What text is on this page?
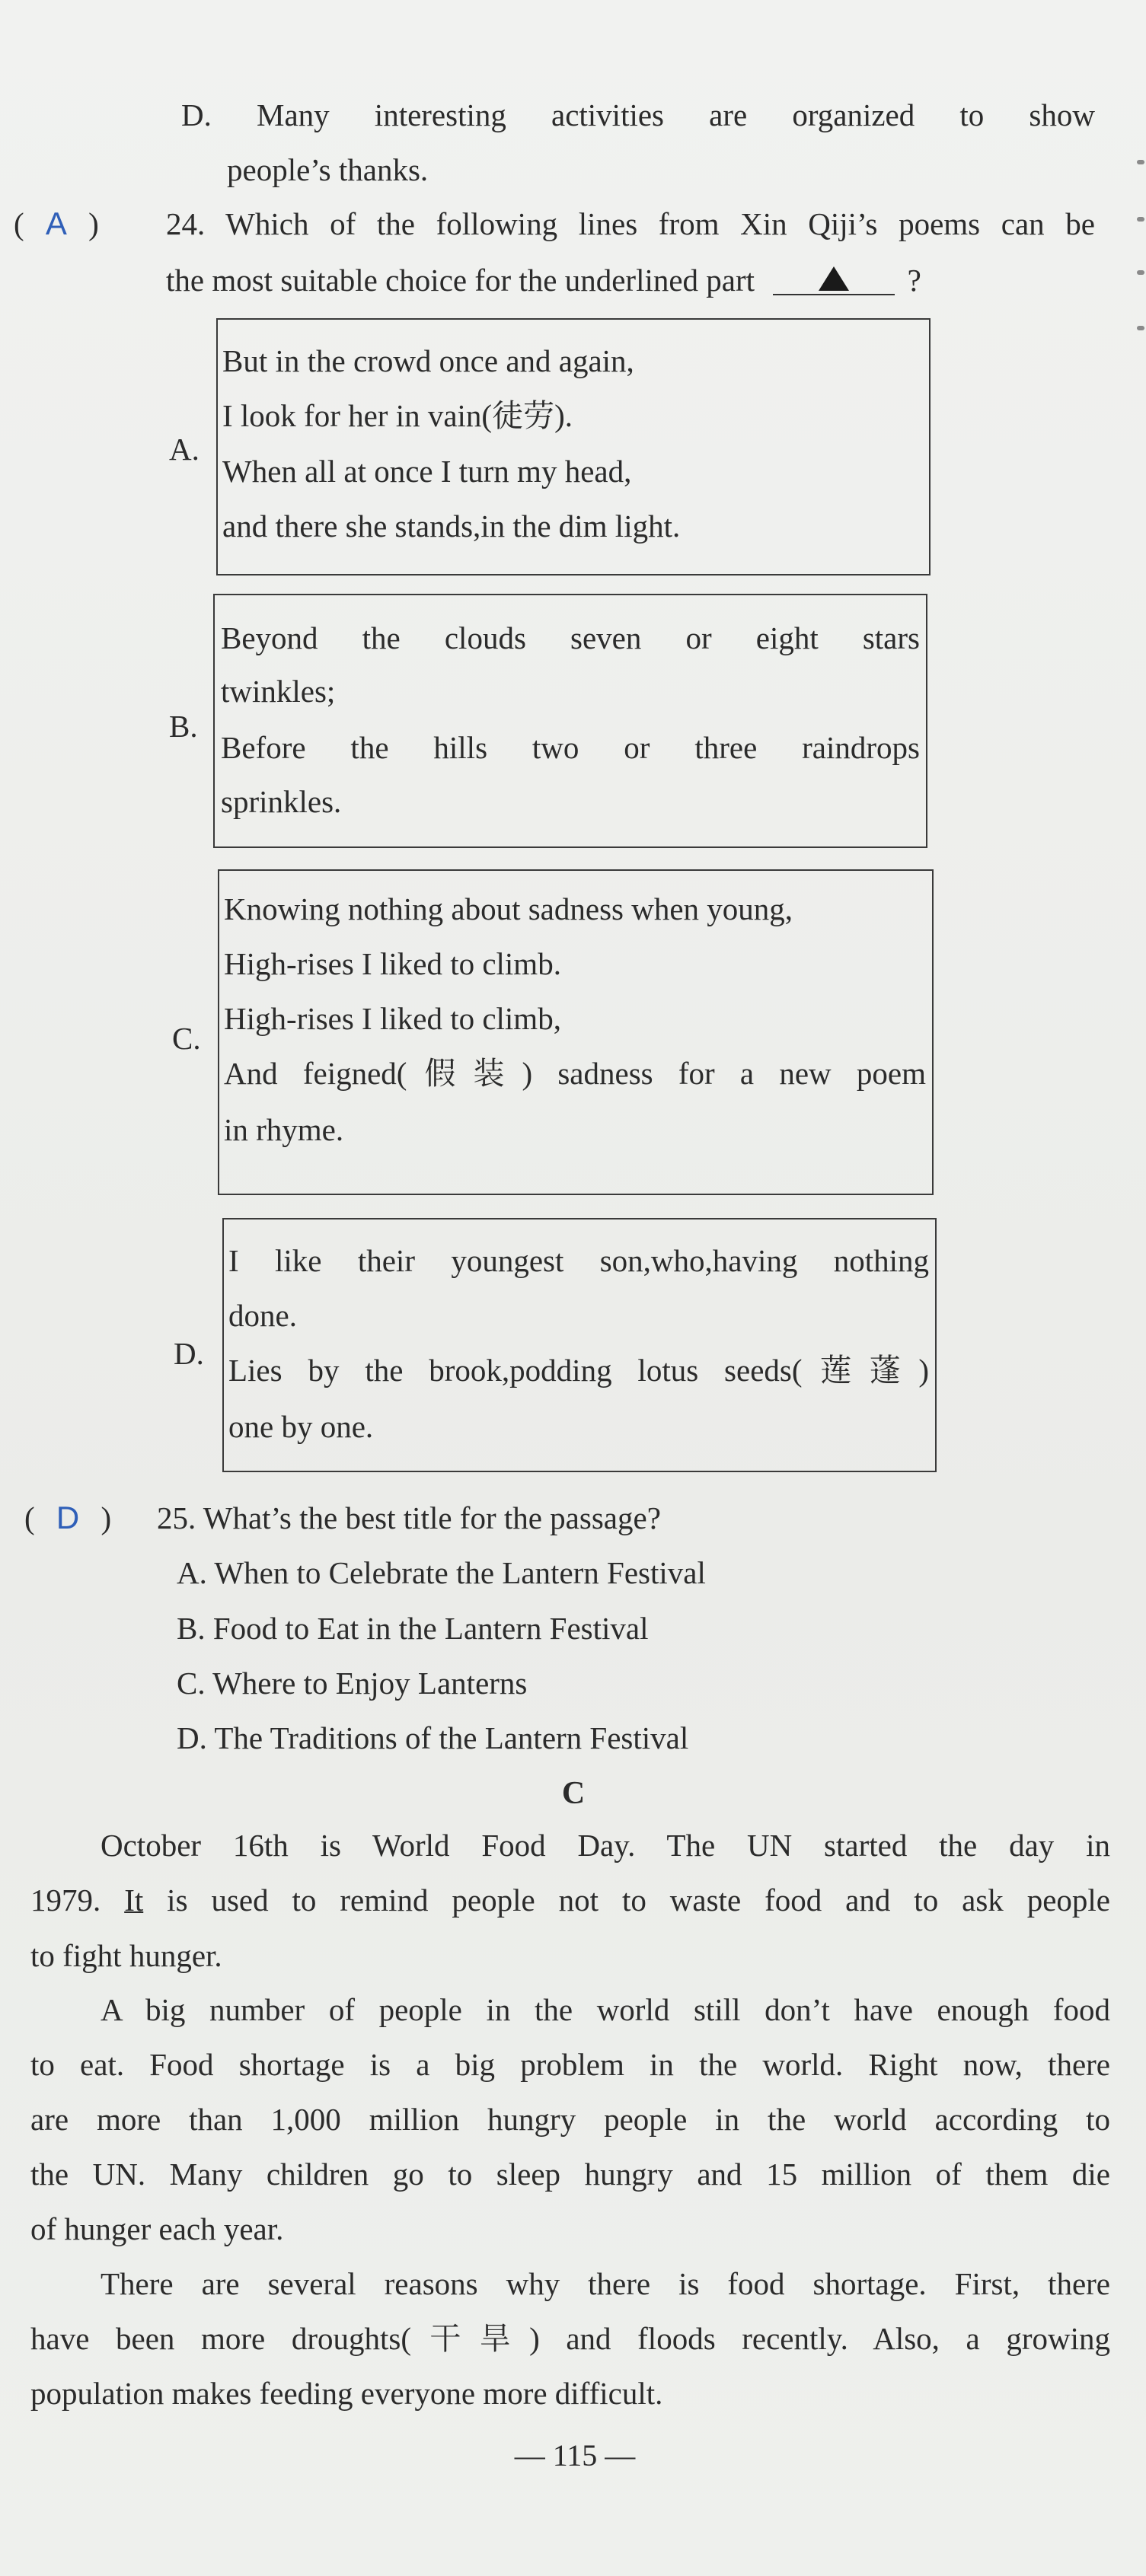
D. Many interesting activities are organized to show
people’s thanks.
( A ) 24. Which of the following lines from Xin Qiji’s poems can be
the most suitable choice for the underlined part	?
A.
But in the crowd once and again,
I look for her in vain(徒劳).
When all at once I turn my head,
and there she stands,in the dim light.
B.
Beyond the clouds seven or eight stars
twinkles;
Before the hills two or three raindrops
sprinkles.
C.
Knowing nothing about sadness when young,
High-rises I liked to climb.
High-rises I liked to climb,
And feigned(假装) sadness for a new poem
in rhyme.
D.
I like their youngest son,who,having nothing
done.
Lies by the brook,podding lotus seeds(莲蓬)
one by one.
( D ) 25. What’s the best title for the passage?
A. When to Celebrate the Lantern Festival
B. Food to Eat in the Lantern Festival
C. Where to Enjoy Lanterns
D. The Traditions of the Lantern Festival
C
October 16th is World Food Day. The UN started the day in
1979. It is used to remind people not to waste food and to ask people
to fight hunger.
A big number of people in the world still don’t have enough food
to eat. Food shortage is a big problem in the world. Right now, there
are more than 1,000 million hungry people in the world according to
the UN. Many children go to sleep hungry and 15 million of them die
of hunger each year.
There are several reasons why there is food shortage. First, there
have been more droughts(干旱) and floods recently. Also, a growing
population makes feeding everyone more difficult.
— 115 —
